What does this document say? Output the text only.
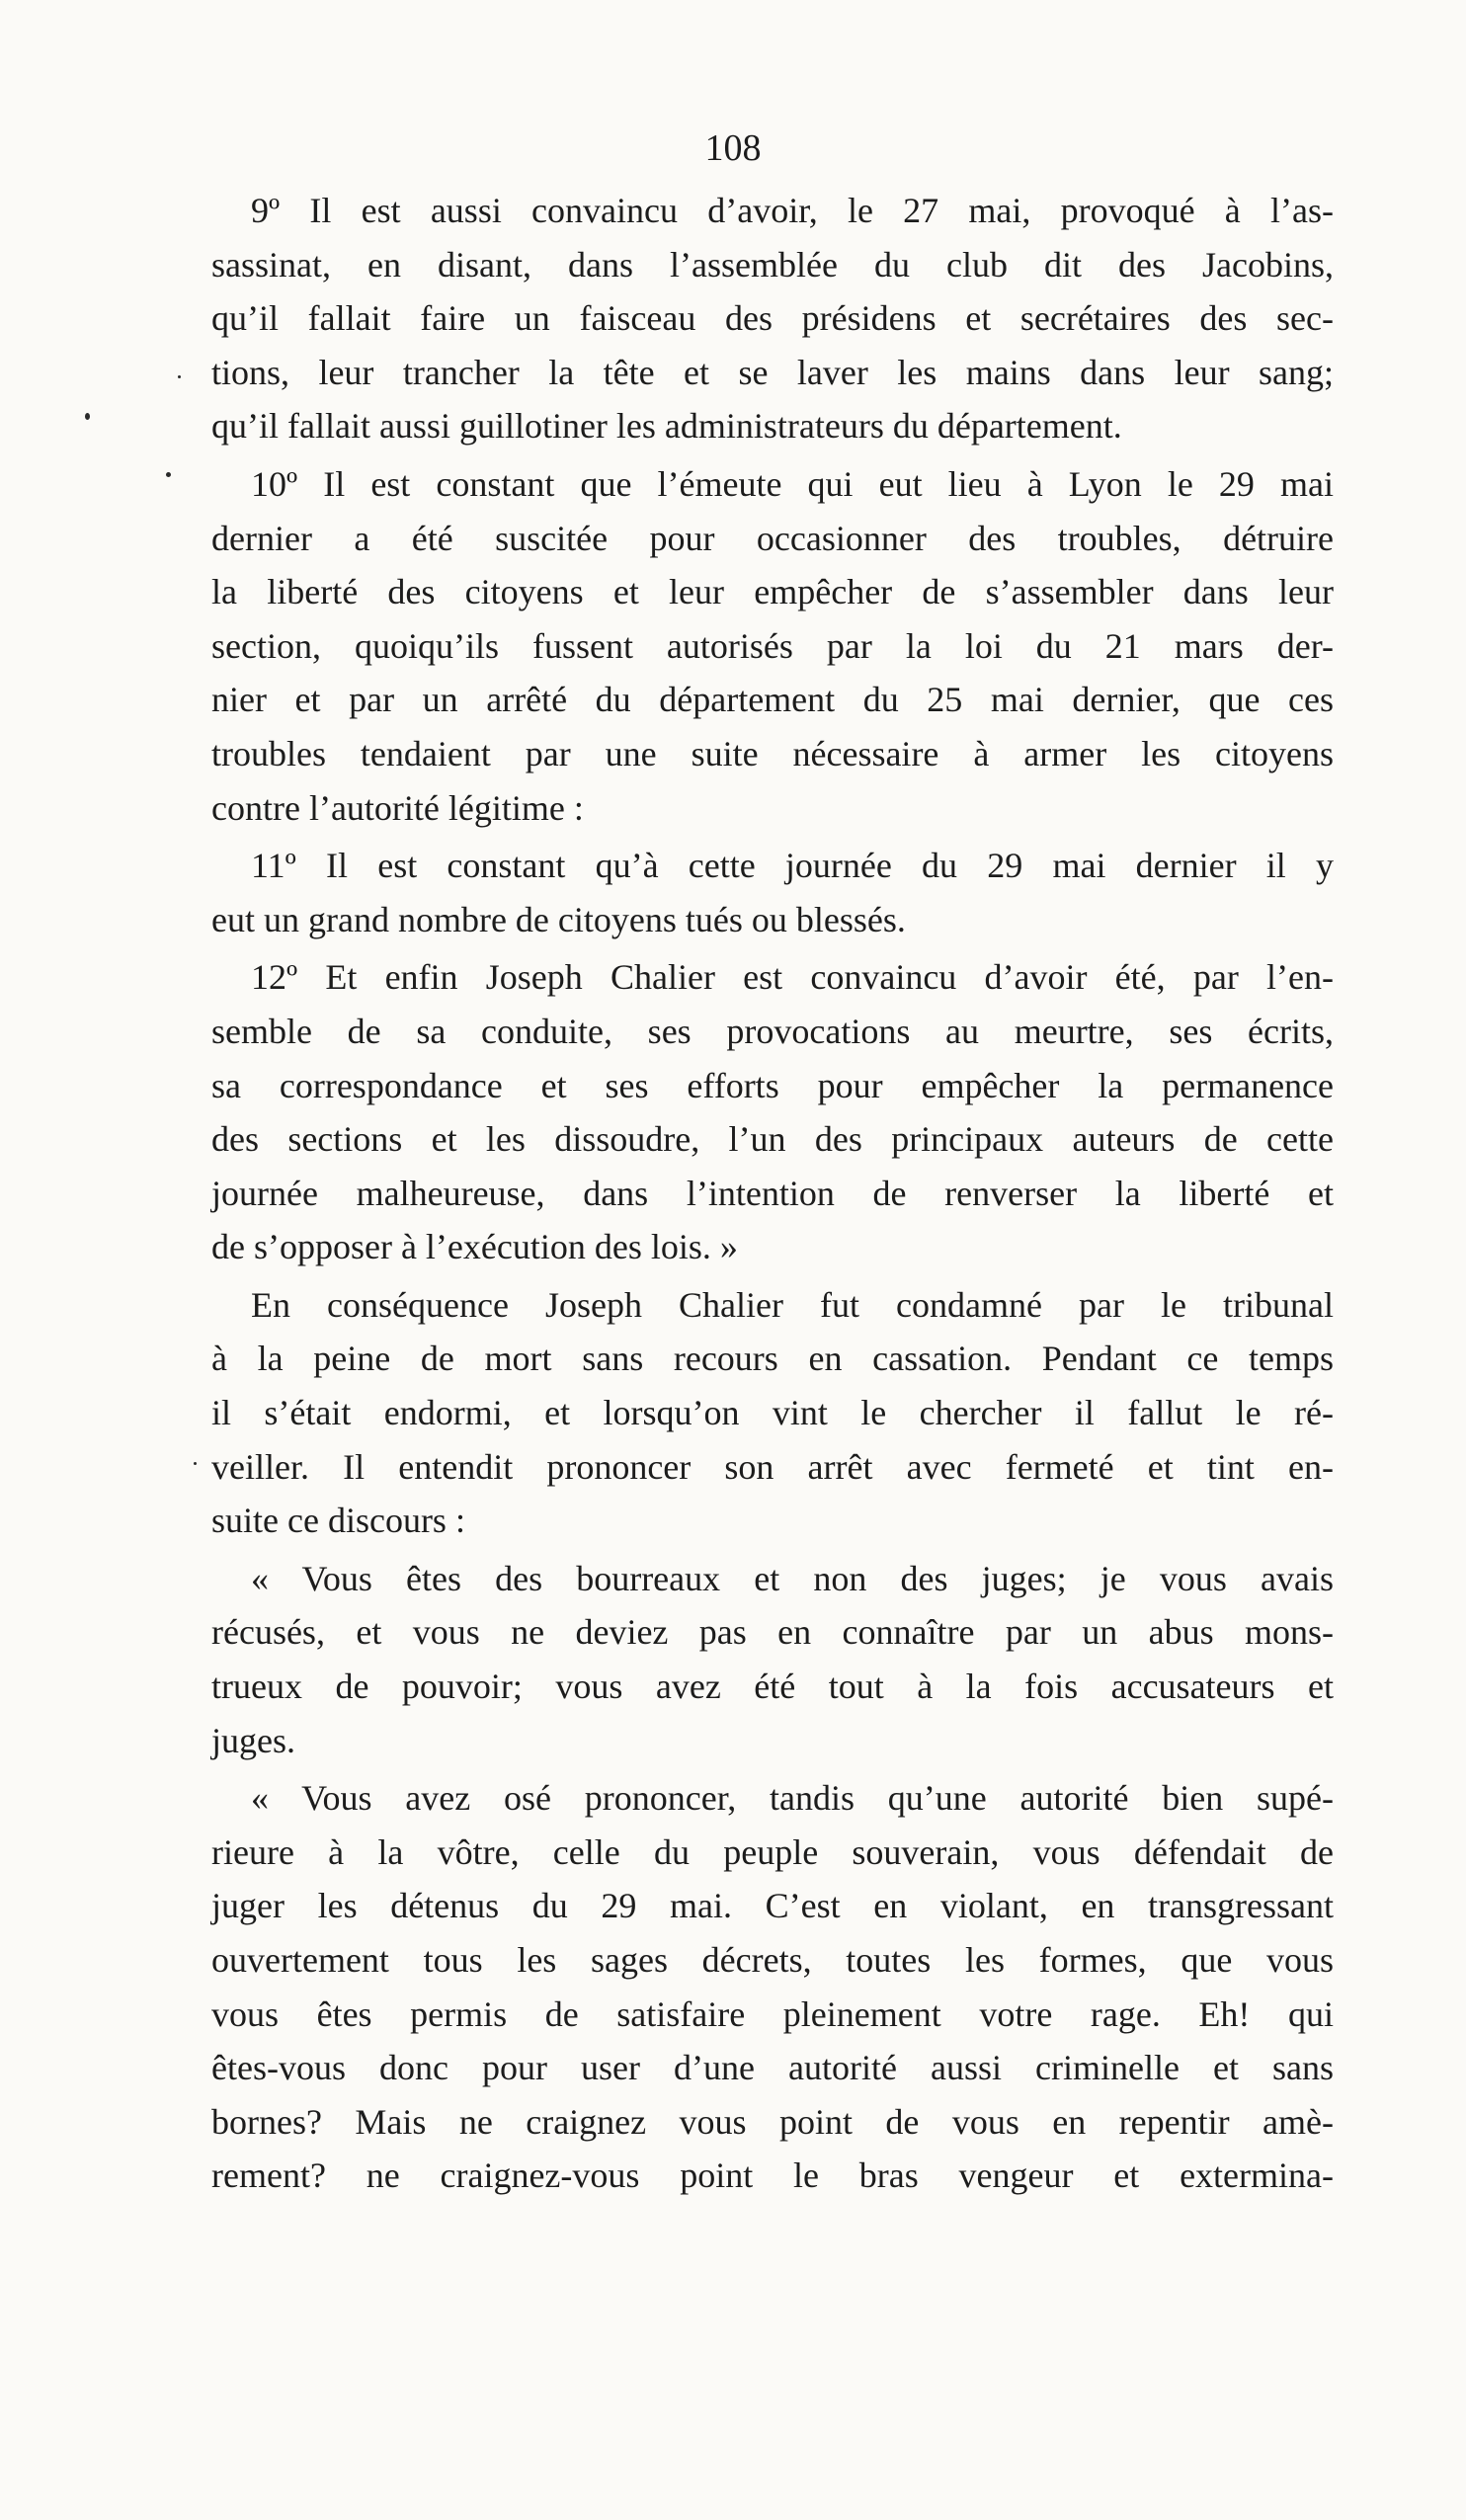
108
9º Il est aussi convaincu d’avoir, le 27 mai, provoqué à l’as-
sassinat, en disant, dans l’assemblée du club dit des Jacobins,
qu’il fallait faire un faisceau des présidens et secrétaires des sec-
tions, leur trancher la tête et se laver les mains dans leur sang;
qu’il fallait aussi guillotiner les administrateurs du département.
10º Il est constant que l’émeute qui eut lieu à Lyon le 29 mai
dernier a été suscitée pour occasionner des troubles, détruire
la liberté des citoyens et leur empêcher de s’assembler dans leur
section, quoiqu’ils fussent autorisés par la loi du 21 mars der-
nier et par un arrêté du département du 25 mai dernier, que ces
troubles tendaient par une suite nécessaire à armer les citoyens
contre l’autorité légitime :
11º Il est constant qu’à cette journée du 29 mai dernier il y
eut un grand nombre de citoyens tués ou blessés.
12º Et enfin Joseph Chalier est convaincu d’avoir été, par l’en-
semble de sa conduite, ses provocations au meurtre, ses écrits,
sa correspondance et ses efforts pour empêcher la permanence
des sections et les dissoudre, l’un des principaux auteurs de cette
journée malheureuse, dans l’intention de renverser la liberté et
de s’opposer à l’exécution des lois. »
En conséquence Joseph Chalier fut condamné par le tribunal
à la peine de mort sans recours en cassation. Pendant ce temps
il s’était endormi, et lorsqu’on vint le chercher il fallut le ré-
veiller. Il entendit prononcer son arrêt avec fermeté et tint en-
suite ce discours :
« Vous êtes des bourreaux et non des juges; je vous avais
récusés, et vous ne deviez pas en connaître par un abus mons-
trueux de pouvoir; vous avez été tout à la fois accusateurs et
juges.
« Vous avez osé prononcer, tandis qu’une autorité bien supé-
rieure à la vôtre, celle du peuple souverain, vous défendait de
juger les détenus du 29 mai. C’est en violant, en transgressant
ouvertement tous les sages décrets, toutes les formes, que vous
vous êtes permis de satisfaire pleinement votre rage. Eh! qui
êtes-vous donc pour user d’une autorité aussi criminelle et sans
bornes? Mais ne craignez vous point de vous en repentir amè-
rement? ne craignez-vous point le bras vengeur et extermina-
